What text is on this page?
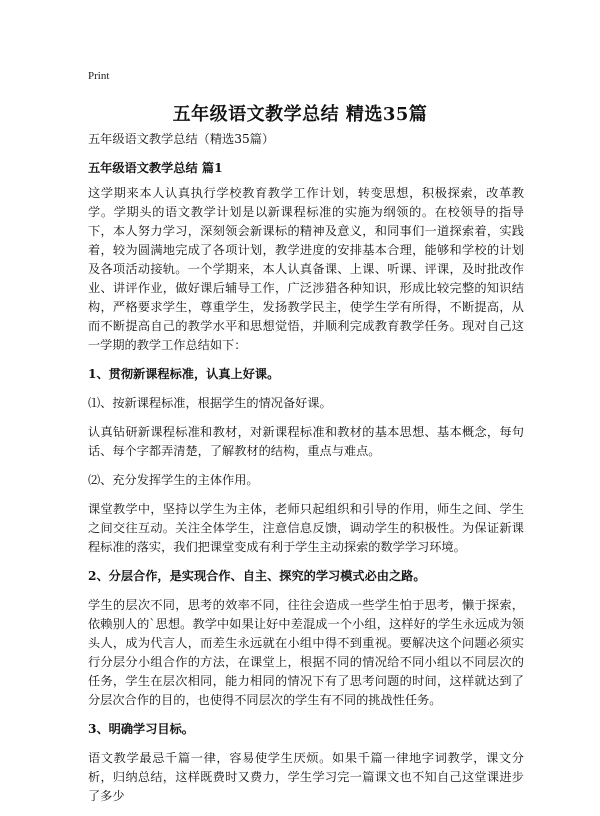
Print
五年级语文教学总结 精选35篇

五年级语文教学总结（精选35篇）

五年级语文教学总结 篇1

这学期来本人认真执行学校教育教学工作计划，转变思想，积极探索，改革教学。学期头的语文教学计划是以新课程标准的实施为纲领的。在校领导的指导下，本人努力学习，深刻领会新课标的精神及意义，和同事们一道探索着，实践着，较为圆满地完成了各项计划，教学进度的安排基本合理，能够和学校的计划及各项活动接轨。一个学期来，本人认真备课、上课、听课、评课，及时批改作业、讲评作业，做好课后辅导工作，广泛涉猎各种知识，形成比较完整的知识结构，严格要求学生，尊重学生，发扬教学民主，使学生学有所得，不断提高，从而不断提高自己的教学水平和思想觉悟，并顺利完成教育教学任务。现对自己这一学期的教学工作总结如下：

1、贯彻新课程标准，认真上好课。

⑴、按新课程标准，根据学生的情况备好课。

认真钻研新课程标准和教材，对新课程标准和教材的基本思想、基本概念，每句话、每个字都弄清楚，了解教材的结构，重点与难点。

⑵、充分发挥学生的主体作用。

课堂教学中，坚持以学生为主体，老师只起组织和引导的作用，师生之间、学生之间交往互动。关注全体学生，注意信息反馈，调动学生的积极性。为保证新课程标准的落实，我们把课堂变成有利于学生主动探索的数学学习环境。

2、分层合作，是实现合作、自主、探究的学习模式必由之路。

学生的层次不同，思考的效率不同，往往会造成一些学生怕于思考，懒于探索，依赖别人的`思想。教学中如果让好中差混成一个小组，这样好的学生永远成为领头人，成为代言人，而差生永远就在小组中得不到重视。要解决这个问题必须实行分层分小组合作的方法，在课堂上，根据不同的情况给不同小组以不同层次的任务，学生在层次相同，能力相同的情况下有了思考问题的时间，这样就达到了分层次合作的目的，也使得不同层次的学生有不同的挑战性任务。

3、明确学习目标。

语文教学最忌千篇一律，容易使学生厌烦。如果千篇一律地字词教学，课文分析，归纳总结，这样既费时又费力，学生学习完一篇课文也不知自己这堂课进步了多少
